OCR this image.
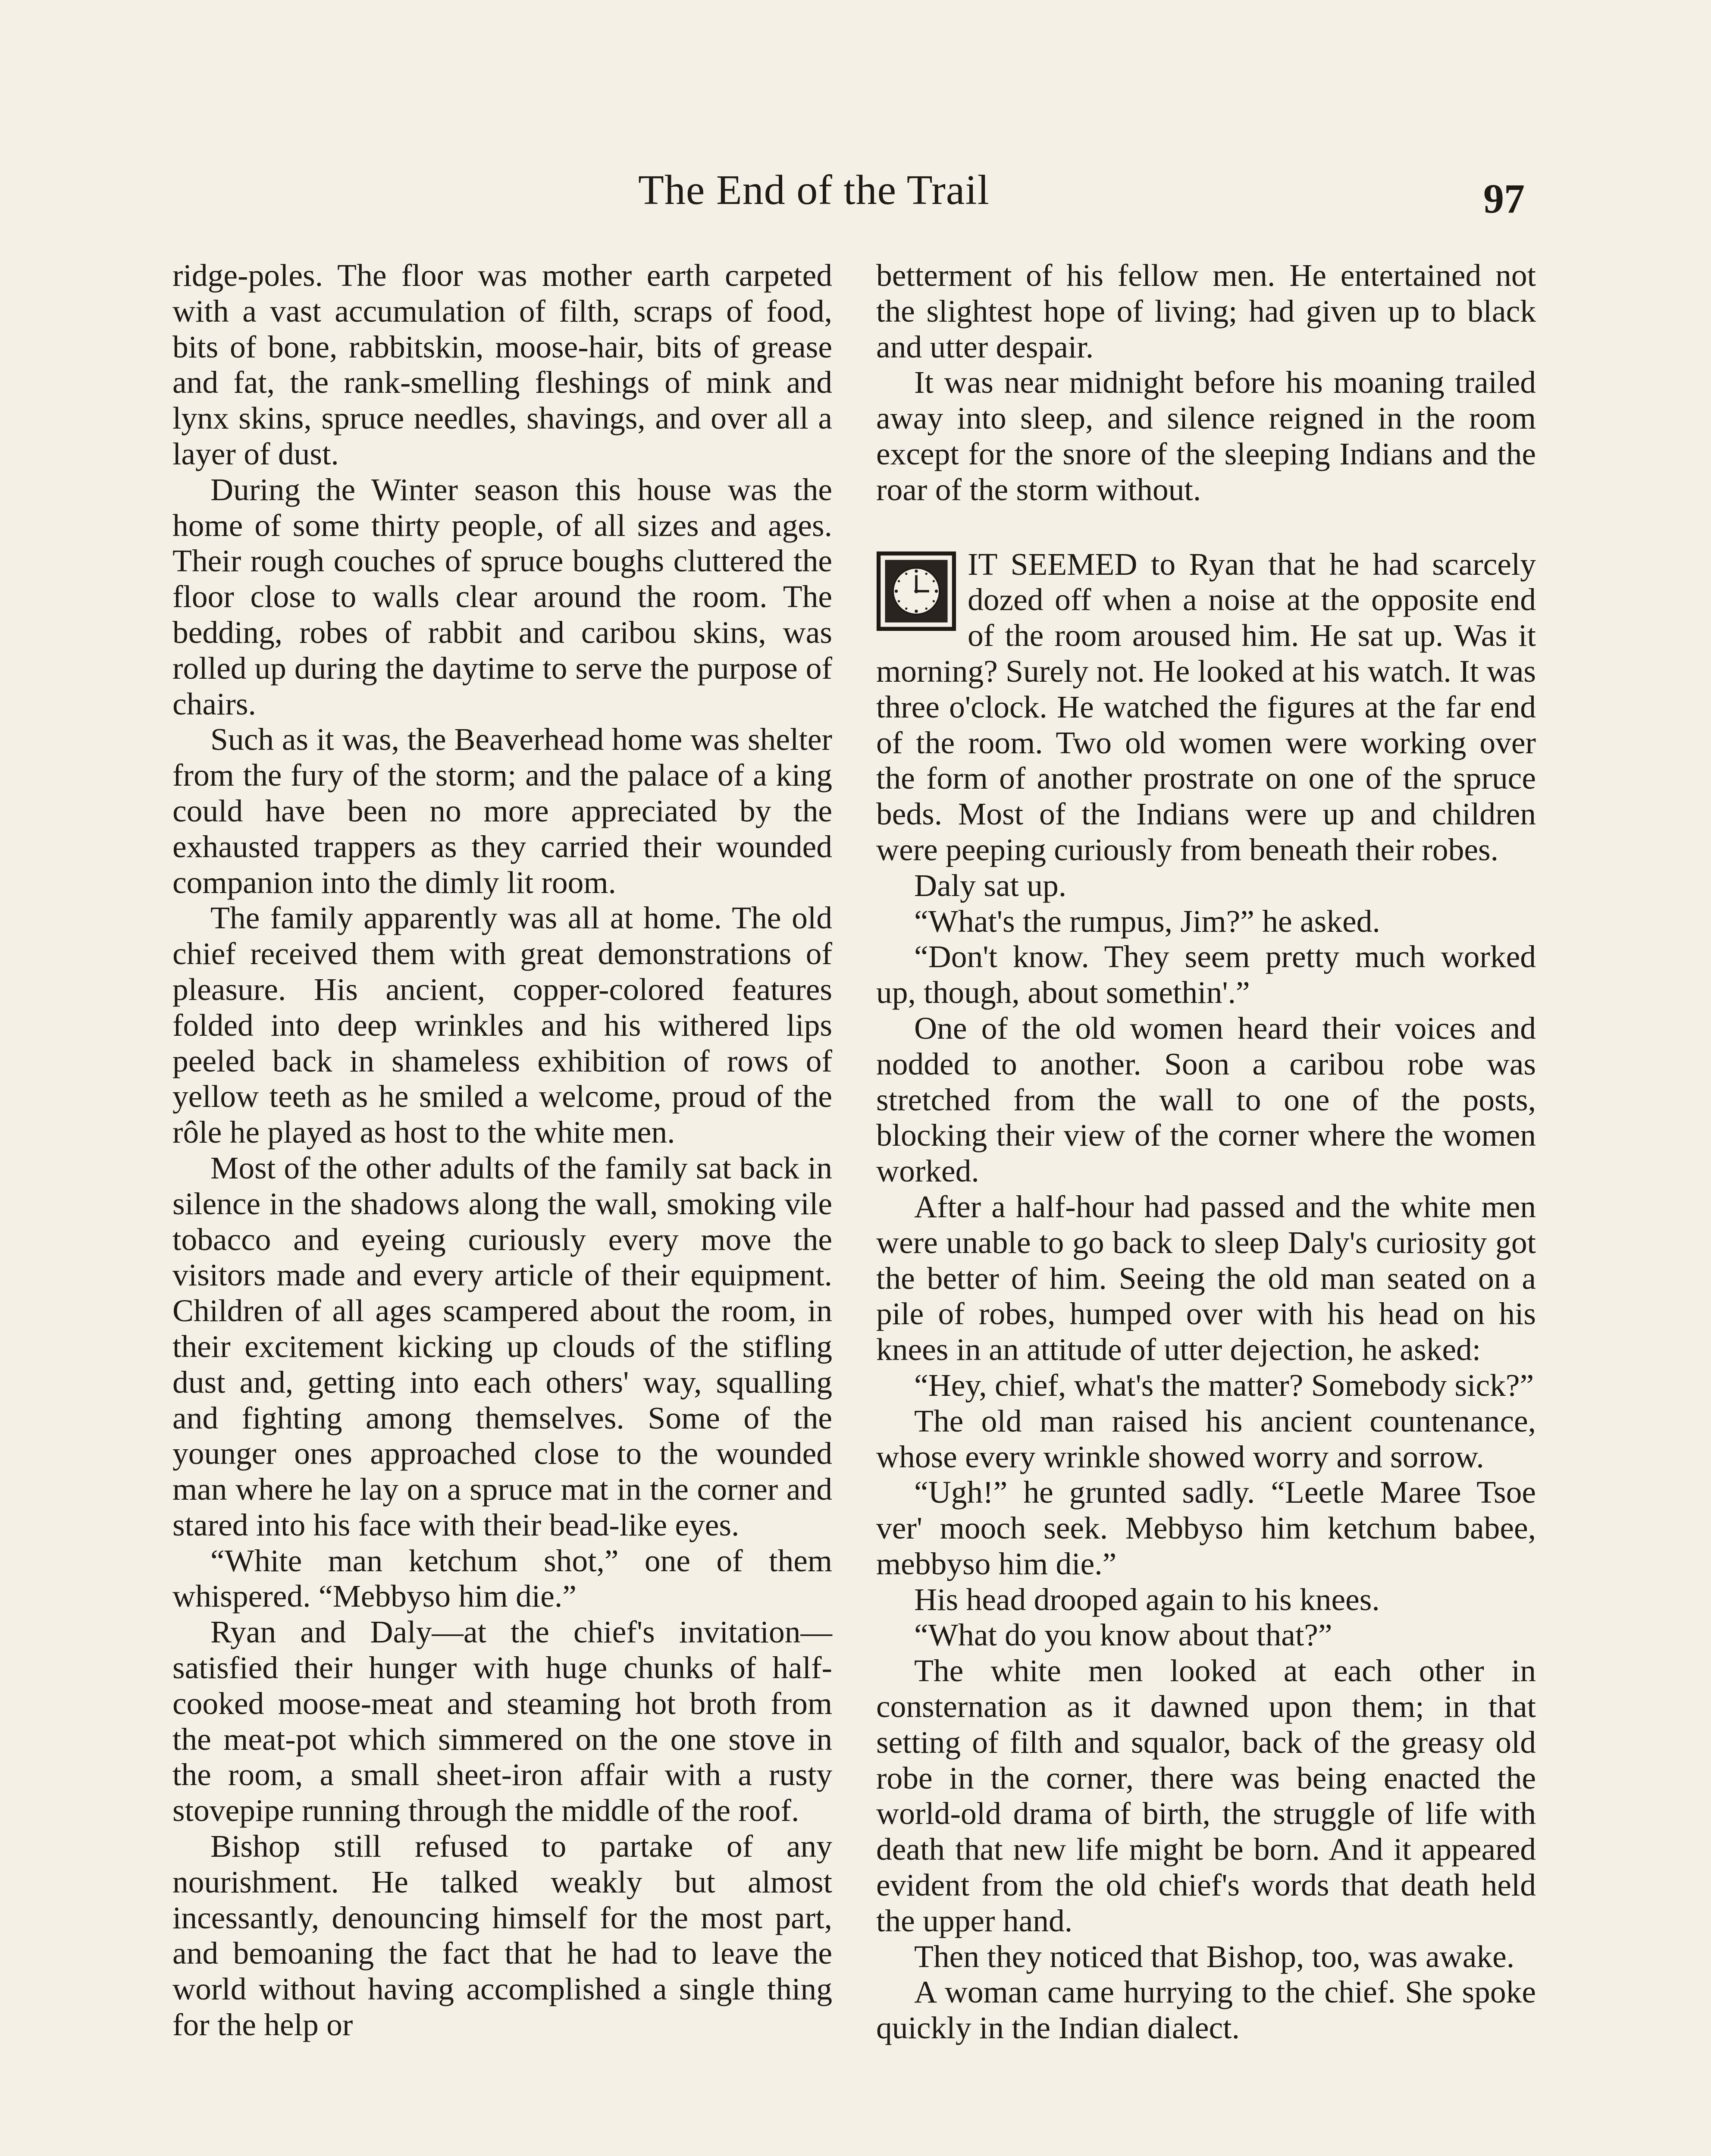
The End of the Trail	97

ridge-poles. The floor was mother earth carpeted with a vast accumulation of filth, scraps of food, bits of bone, rabbitskin, moose-hair, bits of grease and fat, the rank-smelling fleshings of mink and lynx skins, spruce needles, shavings, and over all a layer of dust.

During the Winter season this house was the home of some thirty people, of all sizes and ages. Their rough couches of spruce boughs cluttered the floor close to walls clear around the room. The bedding, robes of rabbit and caribou skins, was rolled up during the daytime to serve the purpose of chairs.

Such as it was, the Beaverhead home was shelter from the fury of the storm; and the palace of a king could have been no more appreciated by the exhausted trappers as they carried their wounded companion into the dimly lit room.

The family apparently was all at home. The old chief received them with great demonstrations of pleasure. His ancient, copper-colored features folded into deep wrinkles and his withered lips peeled back in shameless exhibition of rows of yellow teeth as he smiled a welcome, proud of the rôle he played as host to the white men.

Most of the other adults of the family sat back in silence in the shadows along the wall, smoking vile tobacco and eyeing curiously every move the visitors made and every article of their equipment. Children of all ages scampered about the room, in their excitement kicking up clouds of the stifling dust and, getting into each others' way, squalling and fighting among themselves. Some of the younger ones approached close to the wounded man where he lay on a spruce mat in the corner and stared into his face with their bead-like eyes.

“White man ketchum shot,” one of them whispered. “Mebbyso him die.”

Ryan and Daly—at the chief's invitation—satisfied their hunger with huge chunks of half-cooked moose-meat and steaming hot broth from the meat-pot which simmered on the one stove in the room, a small sheet-iron affair with a rusty stovepipe running through the middle of the roof.

Bishop still refused to partake of any nourishment. He talked weakly but almost incessantly, denouncing himself for the most part, and bemoaning the fact that he had to leave the world without having accomplished a single thing for the help or

betterment of his fellow men. He entertained not the slightest hope of living; had given up to black and utter despair.

It was near midnight before his moaning trailed away into sleep, and silence reigned in the room except for the snore of the sleeping Indians and the roar of the storm without.

IT SEEMED to Ryan that he had scarcely dozed off when a noise at the opposite end of the room aroused him. He sat up. Was it morning? Surely not. He looked at his watch. It was three o'clock. He watched the figures at the far end of the room. Two old women were working over the form of another prostrate on one of the spruce beds. Most of the Indians were up and children were peeping curiously from beneath their robes.

Daly sat up.

“What's the rumpus, Jim?” he asked.

“Don't know. They seem pretty much worked up, though, about somethin'.”

One of the old women heard their voices and nodded to another. Soon a caribou robe was stretched from the wall to one of the posts, blocking their view of the corner where the women worked.

After a half-hour had passed and the white men were unable to go back to sleep Daly's curiosity got the better of him. Seeing the old man seated on a pile of robes, humped over with his head on his knees in an attitude of utter dejection, he asked:

“Hey, chief, what's the matter? Somebody sick?”

The old man raised his ancient countenance, whose every wrinkle showed worry and sorrow.

“Ugh!” he grunted sadly. “Leetle Maree Tsoe ver' mooch seek. Mebbyso him ketchum babee, mebbyso him die.”

His head drooped again to his knees.

“What do you know about that?”

The white men looked at each other in consternation as it dawned upon them; in that setting of filth and squalor, back of the greasy old robe in the corner, there was being enacted the world-old drama of birth, the struggle of life with death that new life might be born. And it appeared evident from the old chief's words that death held the upper hand.

Then they noticed that Bishop, too, was awake.

A woman came hurrying to the chief. She spoke quickly in the Indian dialect.
